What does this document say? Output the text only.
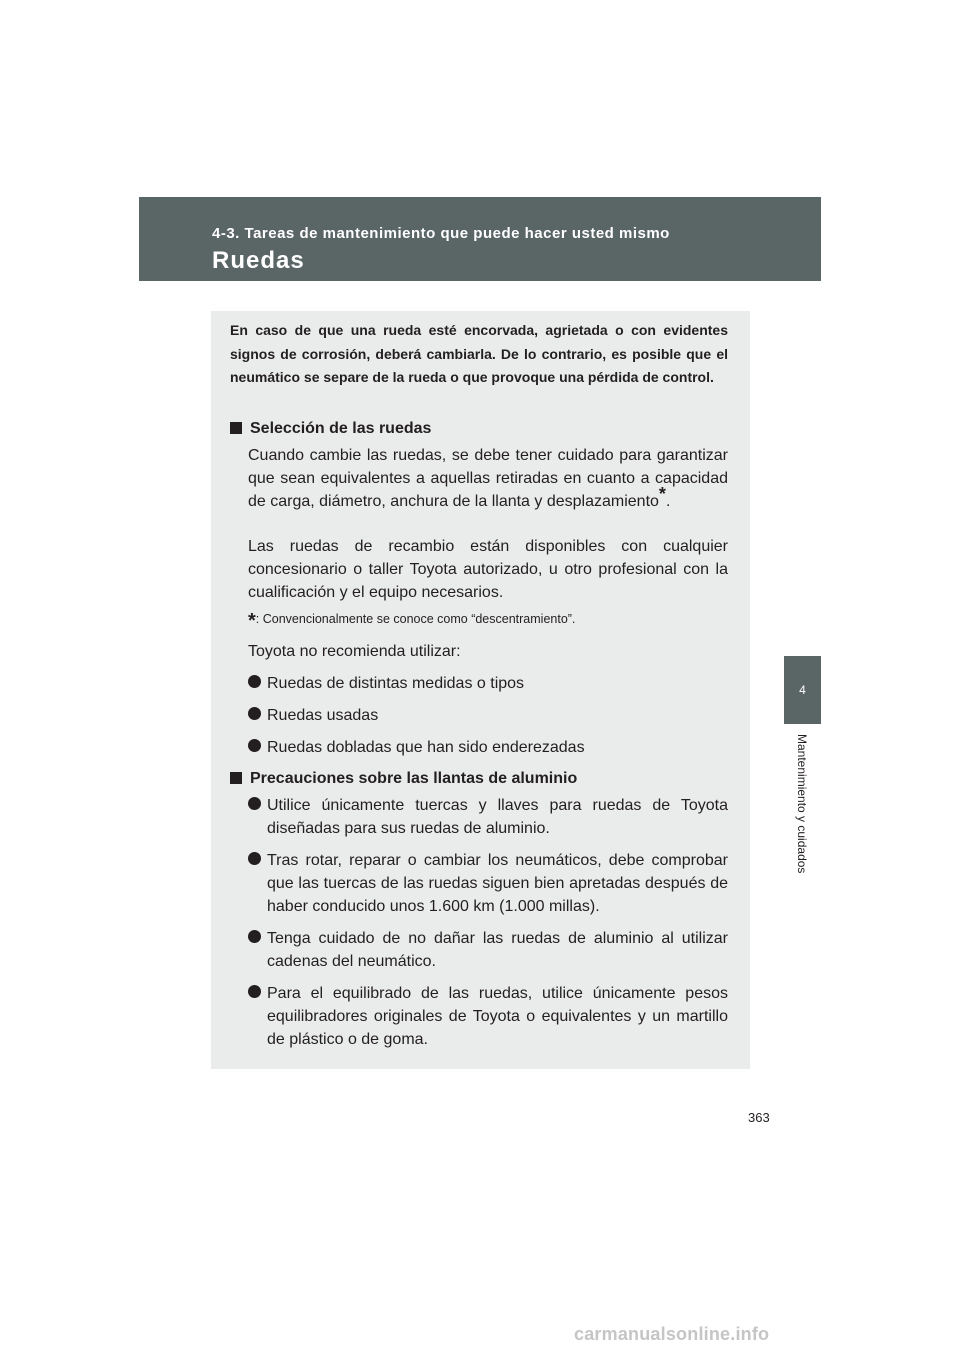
4-3. Tareas de mantenimiento que puede hacer usted mismo
Ruedas
4
Mantenimiento y cuidados
En caso de que una rueda esté encorvada, agrietada o con evidentes signos de corrosión, deberá cambiarla. De lo contrario, es posible que el neumático se separe de la rueda o que provoque una pérdida de control.
Selección de las ruedas
Cuando cambie las ruedas, se debe tener cuidado para garantizar que sean equivalentes a aquellas retiradas en cuanto a capacidad de carga, diámetro, anchura de la llanta y desplazamiento*.
Las ruedas de recambio están disponibles con cualquier concesionario o taller Toyota autorizado, u otro profesional con la cualificación y el equipo necesarios.
*: Convencionalmente se conoce como “descentramiento”.
Toyota no recomienda utilizar:
Ruedas de distintas medidas o tipos
Ruedas usadas
Ruedas dobladas que han sido enderezadas
Precauciones sobre las llantas de aluminio
Utilice únicamente tuercas y llaves para ruedas de Toyota diseñadas para sus ruedas de aluminio.
Tras rotar, reparar o cambiar los neumáticos, debe comprobar que las tuercas de las ruedas siguen bien apretadas después de haber conducido unos 1.600 km (1.000 millas).
Tenga cuidado de no dañar las ruedas de aluminio al utilizar cadenas del neumático.
Para el equilibrado de las ruedas, utilice únicamente pesos equilibradores originales de Toyota o equivalentes y un martillo de plástico o de goma.
363
carmanualsonline.info
